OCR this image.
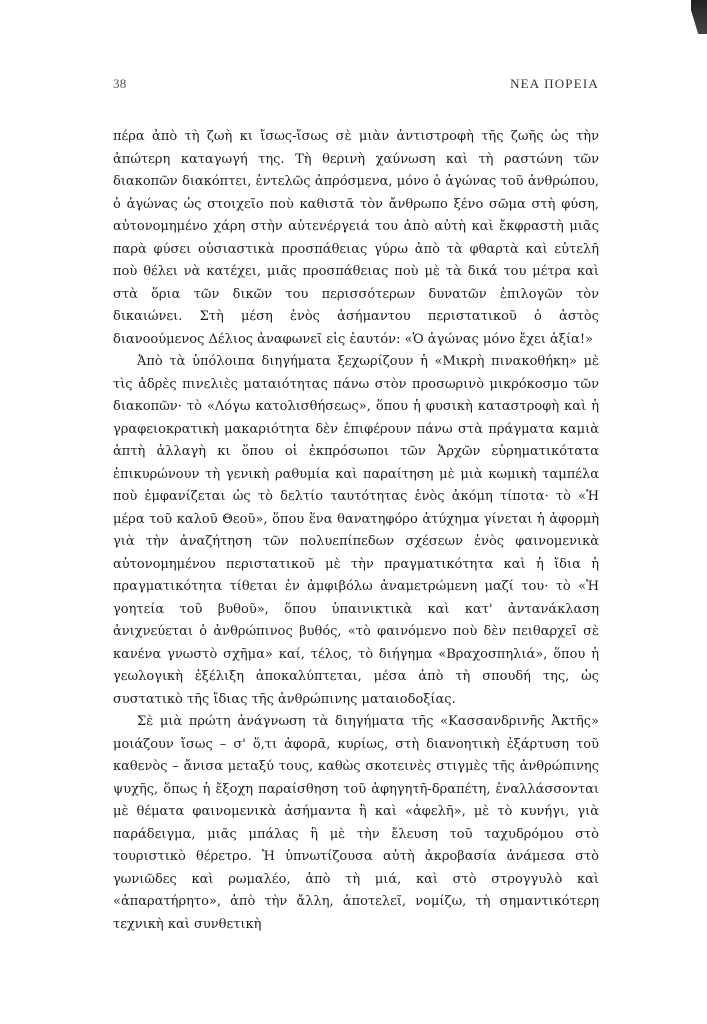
38	ΝΕΑ ΠΟΡΕΙΑ

πέρα ἀπὸ τὴ ζωὴ κι ἴσως-ἴσως σὲ μιὰν ἀντιστροφὴ τῆς ζωῆς ὡς τὴν ἀπώτερη καταγωγή της. Τὴ θερινὴ χαύνωση καὶ τὴ ραστώνη τῶν διακοπῶν διακόπτει, ἐντελῶς ἀπρόσμενα, μόνο ὁ ἀγώνας τοῦ ἀνθρώπου, ὁ ἀγώνας ὡς στοιχεῖο ποὺ καθιστᾶ τὸν ἄνθρωπο ξένο σῶμα στὴ φύση, αὐτονομημένο χάρη στὴν αὐτενέργειά του ἀπὸ αὐτὴ καὶ ἔκφραστὴ μιᾶς παρὰ φύσει οὐσιαστικὰ προσπάθειας γύρω ἀπὸ τὰ φθαρτὰ καὶ εὐτελῆ ποὺ θέλει νὰ κατέχει, μιᾶς προσπάθειας ποὺ μὲ τὰ δικά του μέτρα καὶ στὰ ὅρια τῶν δικῶν του περισσότερων δυνατῶν ἐπιλογῶν τὸν δικαιώνει. Στὴ μέση ἑνὸς ἀσήμαντου περιστατικοῦ ὁ ἀστὸς διανοούμενος Δέλιος ἀναφωνεῖ εἰς ἑαυτόν: «Ὁ ἀγώνας μόνο ἔχει ἀξία!»

Ἀπὸ τὰ ὑπόλοιπα διηγήματα ξεχωρίζουν ἡ «Μικρὴ πινακοθήκη» μὲ τὶς ἁδρὲς πινελιὲς ματαιότητας πάνω στὸν προσωρινὸ μικρόκοσμο τῶν διακοπῶν· τὸ «Λόγω κατολισθήσεως», ὅπου ἡ φυσικὴ καταστροφὴ καὶ ἡ γραφειοκρατικὴ μακαριότητα δὲν ἐπιφέρουν πάνω στὰ πράγματα καμιὰ ἀπτὴ ἀλλαγὴ κι ὅπου οἱ ἐκπρόσωποι τῶν Ἀρχῶν εὑρηματικότατα ἐπικυρώνουν τὴ γενικὴ ραθυμία καὶ παραίτηση μὲ μιὰ κωμικὴ ταμπέλα ποὺ ἐμφανίζεται ὡς τὸ δελτίο ταυτότητας ἑνὸς ἀκόμη τίποτα· τὸ «Ἡ μέρα τοῦ καλοῦ Θεοῦ», ὅπου ἕνα θανατηφόρο ἀτύχημα γίνεται ἡ ἀφορμὴ γιὰ τὴν ἀναζήτηση τῶν πολυεπίπεδων σχέσεων ἑνὸς φαινομενικὰ αὐτονομημένου περιστατικοῦ μὲ τὴν πραγματικότητα καὶ ἡ ἴδια ἡ πραγματικότητα τίθεται ἐν ἀμφιβόλω ἀναμετρώμενη μαζί του· τὸ «Ἡ γοητεία τοῦ βυθοῦ», ὅπου ὑπαινικτικὰ καὶ κατ' ἀντανάκλαση ἀνιχνεύεται ὁ ἀνθρώπινος βυθός, «τὸ φαινόμενο ποὺ δὲν πειθαρχεῖ σὲ κανένα γνωστὸ σχῆμα» καί, τέλος, τὸ διήγημα «Βραχοσπηλιά», ὅπου ἡ γεωλογικὴ ἐξέλιξη ἀποκαλύπτεται, μέσα ἀπὸ τὴ σπουδή της, ὡς συστατικὸ τῆς ἴδιας τῆς ἀνθρώπινης ματαιοδοξίας.

Σὲ μιὰ πρώτη ἀνάγνωση τὰ διηγήματα τῆς «Κασσανδρινῆς Ἀκτῆς» μοιάζουν ἴσως – σ' ὅ,τι ἀφορᾶ, κυρίως, στὴ διανοητικὴ ἐξάρτυση τοῦ καθενὸς – ἄνισα μεταξύ τους, καθὼς σκοτεινὲς στιγμὲς τῆς ἀνθρώπινης ψυχῆς, ὅπως ἡ ἔξοχη παραίσθηση τοῦ ἀφηγητῆ-δραπέτη, ἐναλλάσσονται μὲ θέματα φαινομενικὰ ἀσήμαντα ἢ καὶ «ἀφελῆ», μὲ τὸ κυνήγι, γιὰ παράδειγμα, μιᾶς μπάλας ἢ μὲ τὴν ἔλευση τοῦ ταχυδρόμου στὸ τουριστικὸ θέρετρο. Ἡ ὑπνωτίζουσα αὐτὴ ἀκροβασία ἀνάμεσα στὸ γωνιῶδες καὶ ρωμαλέο, ἀπὸ τὴ μιά, καὶ στὸ στρογγυλὸ καὶ «ἀπαρατήρητο», ἀπὸ τὴν ἄλλη, ἀποτελεῖ, νομίζω, τὴ σημαντικότερη τεχνικὴ καὶ συνθετικὴ
